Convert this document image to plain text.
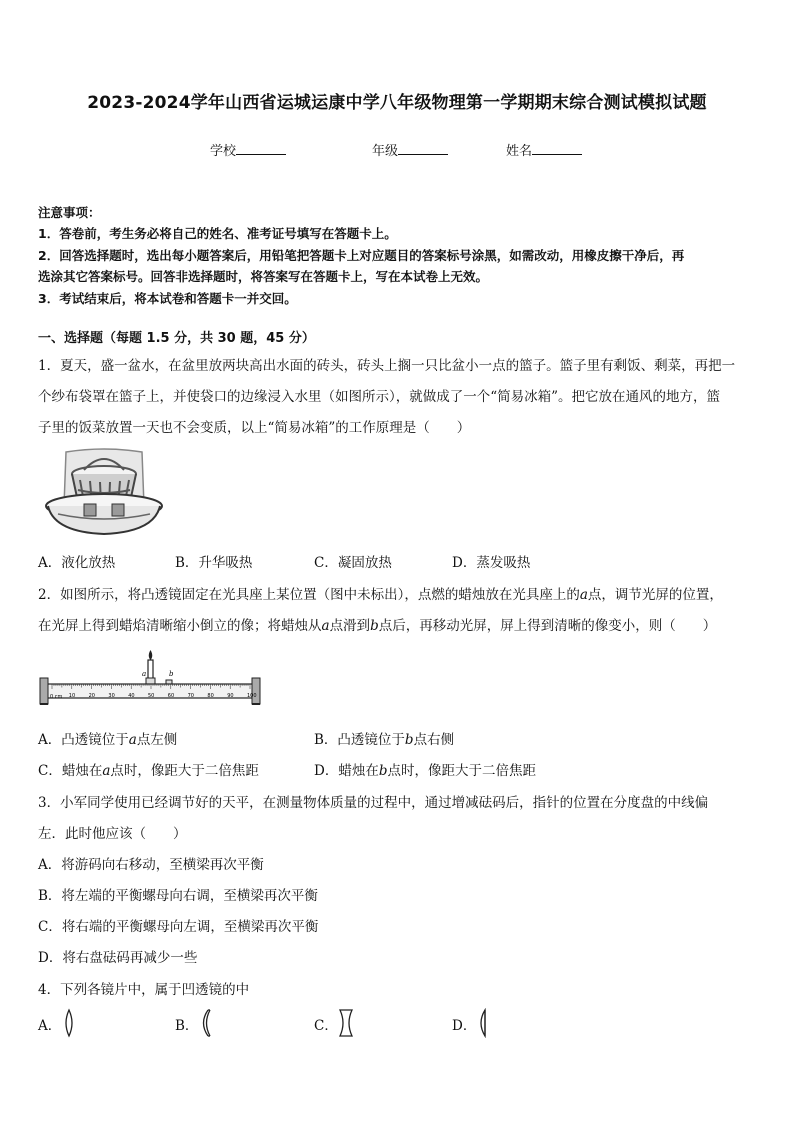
2023-2024学年山西省运城运康中学八年级物理第一学期期末综合测试模拟试题
学校	年级	姓名
注意事项：
1．答卷前，考生务必将自己的姓名、准考证号填写在答题卡上。
2．回答选择题时，选出每小题答案后，用铅笔把答题卡上对应题目的答案标号涂黑，如需改动，用橡皮擦干净后，再
选涂其它答案标号。回答非选择题时，将答案写在答题卡上，写在本试卷上无效。
3．考试结束后，将本试卷和答题卡一并交回。
一、选择题（每题 1.5 分，共 30 题，45 分）
1．夏天，盛一盆水，在盆里放两块高出水面的砖头，砖头上搁一只比盆小一点的篮子。篮子里有剩饭、剩菜，再把一
个纱布袋罩在篮子上，并使袋口的边缘浸入水里（如图所示），就做成了一个“简易冰箱”。把它放在通风的地方，篮
子里的饭菜放置一天也不会变质，以上“简易冰箱”的工作原理是（　　）
A．液化放热	B．升华吸热	C．凝固放热	D．蒸发吸热
2．如图所示，将凸透镜固定在光具座上某位置（图中未标出），点燃的蜡烛放在光具座上的a点，调节光屏的位置，
在光屏上得到蜡焰清晰缩小倒立的像；将蜡烛从a点滑到b点后，再移动光屏，屏上得到清晰的像变小，则（　　）
a	b
0 cm 10	20	30	40	50	60	70	80	90	100
A．凸透镜位于a点左侧	B．凸透镜位于b点右侧
C．蜡烛在a点时，像距大于二倍焦距	D．蜡烛在b点时，像距大于二倍焦距
3．小军同学使用已经调节好的天平，在测量物体质量的过程中，通过增减砝码后，指针的位置在分度盘的中线偏
左．此时他应该（　　）
A．将游码向右移动，至横梁再次平衡
B．将左端的平衡螺母向右调，至横梁再次平衡
C．将右端的平衡螺母向左调，至横梁再次平衡
D．将右盘砝码再减少一些
4．下列各镜片中，属于凹透镜的中
A．	B．	C．	D．
